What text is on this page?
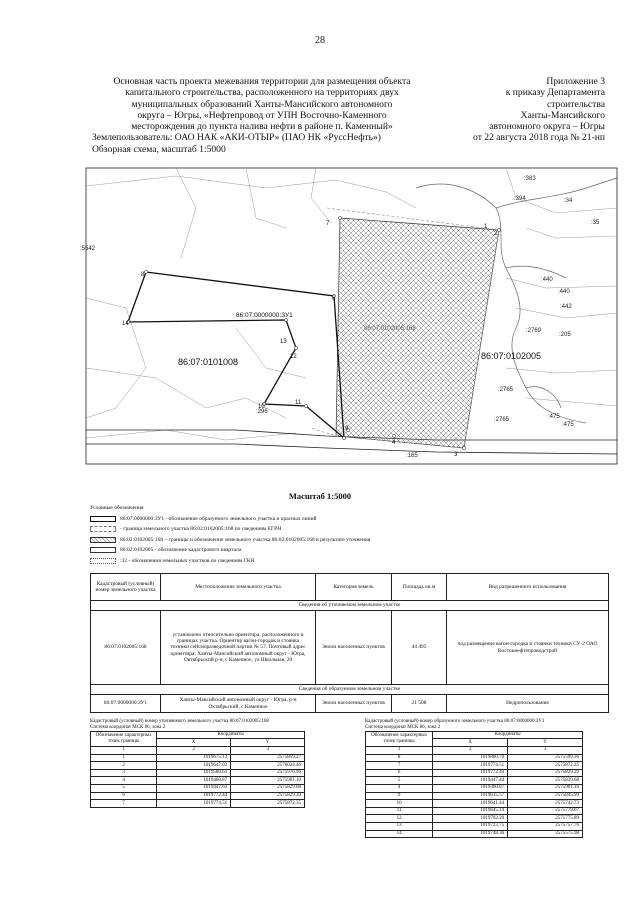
28
Основная часть проекта межевания территории для размещения объекта
капитального строительства, расположенного на территориях двух
муниципальных образований Ханты-Мансийского автономного
округа – Югры, «Нефтепровод от УПН Восточно-Каменного
месторождения до пункта налива нефти в районе п. Каменный»
Землепользователь: ОАО НАК «АКИ-ОТЫР» (ПАО НК «РуссНефть»)
Обзорная схема, масштаб 1:5000
Приложение 3
к приказу Департамента
строительства
Ханты-Мансийского
автономного округа – Югры
от 22 августа 2018 года № 21-нп
:383
:394	:34
:35
:5542
:440
:440
:442
:2769
:205
:2765
:2765	:475
:475
:296
:165
86:07:0101008
86:07:0102005
86:07:0000000:ЗУ1
86:07:0102005:168
8
14
13
12
10
11
9
7
6
3
4
2
1
Масштаб 1:5000
Условные обозначения
86:07:0000000:ЗУ1 - обозначение образуемого земельного участка и красных линий
- граница земельного участка 86:02:0102005:168 по сведениям ЕГРН
86:02:0102005:168 – границы и обозначение земельного участка 86:02:0102005:168 в результате уточнения
86:02:0102005 - обозначение кадастрового квартала
:32 - обозначения земельных участков по сведениям ГКН
Кадастровый (условный) номер земельного участка	Местоположение земельного участка	Категория земель	Площадь кв.м	Вид разрешенного использования
Сведения об уточняемом земельном участке				
86:07:0102005:168	установлено относительно ориентира, расположенного в границах участка. Ориентир вагон-городок и стоянка техники сейсморазведочной партии № 57. Почтовый адрес ориентира: Ханты-Мансийский автономный округ - Югра, Октябрьский р-н, с Каменное, ул Школьная, 20	Земли населенных пунктов	44 495	под размещение вагон-городка и стоянки техники СУ-2 ОАО Востокнефтепроводстрой
Сведения об образуемом земельном участке				
86:07:0000000:ЗУ1	Ханты-Мансийский автономный округ - Югра, р-н Октябрьский, с.Каменное	Земли населенных пунктов	21 508	Недропользование
Кадастровый (условный) номер уточняемого земельного участка 86:07:0102005:168
Система координат МСК 86, зона 2
Обозначение характерных точек границы	Координаты	
	X	Y
1	2	3
1	1019675.13	2575859.27
2	1019647.03	2576024.46
3	1019580.63	2575976.96
4	1019460.87	2575901.10
5	1019447.63	2575829.68
6	1019772.44	2575829.20
7	1019774.51	2575872.35
Кадастровый (условный) номер образуемого земельного участка 86:07:0000000:ЗУ1
Система координат МСК 86, зона 2
Обозначение характерных точек границы	Координаты	
	X	Y
1	2	3
8	1019800.70	2575599.36
7	1019774.51	2575872.35
6	1019772.44	2575829.20
5	1019447.44	2575839.68
4	1019460.87	2575901.10
9	1019615.57	2575845.99
10	1019641.44	2575742.73
11	1019645.14	2575779.67
12	1019702.20	2575775.89
13	1019723.75	2575757.76
14	1019748.36	2575575.98
